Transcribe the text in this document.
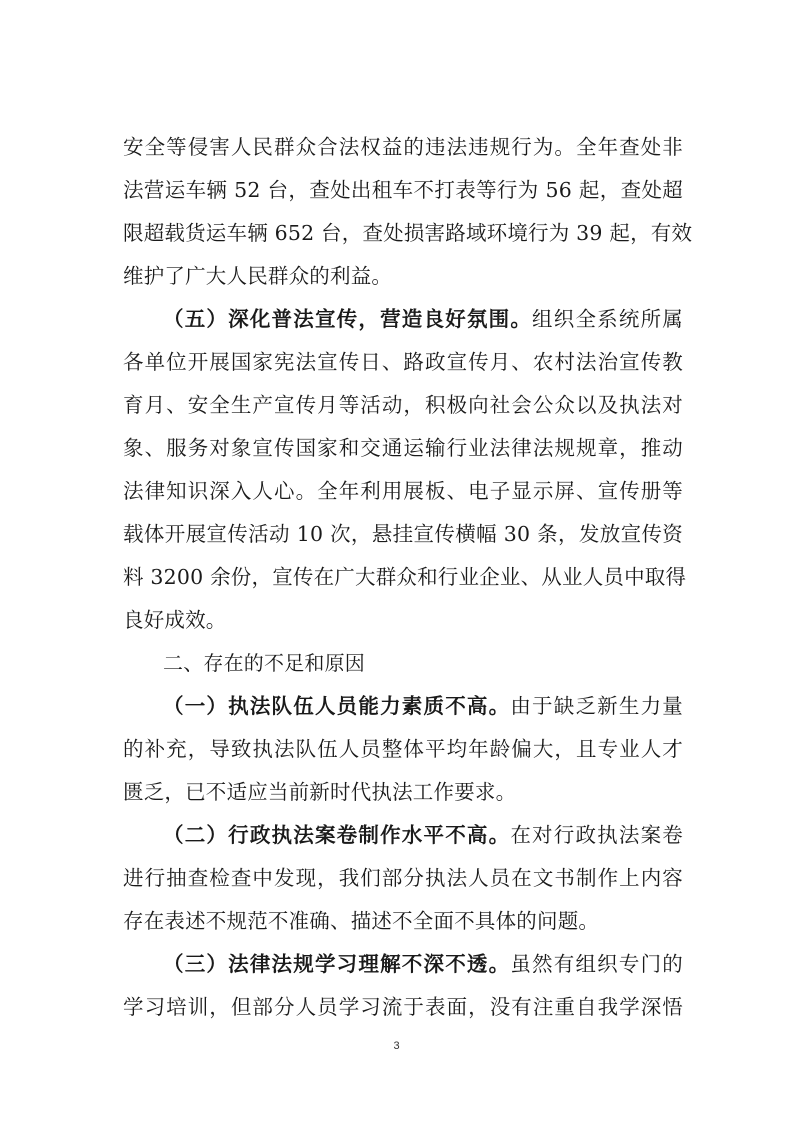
安全等侵害人民群众合法权益的违法违规行为。全年查处非
法营运车辆 52 台，查处出租车不打表等行为 56 起，查处超
限超载货运车辆 652 台，查处损害路域环境行为 39 起，有效
维护了广大人民群众的利益。
（五）深化普法宣传，营造良好氛围。组织全系统所属
各单位开展国家宪法宣传日、路政宣传月、农村法治宣传教
育月、安全生产宣传月等活动，积极向社会公众以及执法对
象、服务对象宣传国家和交通运输行业法律法规规章，推动
法律知识深入人心。全年利用展板、电子显示屏、宣传册等
载体开展宣传活动 10 次，悬挂宣传横幅 30 条，发放宣传资
料 3200 余份，宣传在广大群众和行业企业、从业人员中取得
良好成效。
二、存在的不足和原因
（一）执法队伍人员能力素质不高。由于缺乏新生力量
的补充，导致执法队伍人员整体平均年龄偏大，且专业人才
匮乏，已不适应当前新时代执法工作要求。
（二）行政执法案卷制作水平不高。在对行政执法案卷
进行抽查检查中发现，我们部分执法人员在文书制作上内容
存在表述不规范不准确、描述不全面不具体的问题。
（三）法律法规学习理解不深不透。虽然有组织专门的
学习培训，但部分人员学习流于表面，没有注重自我学深悟
3
